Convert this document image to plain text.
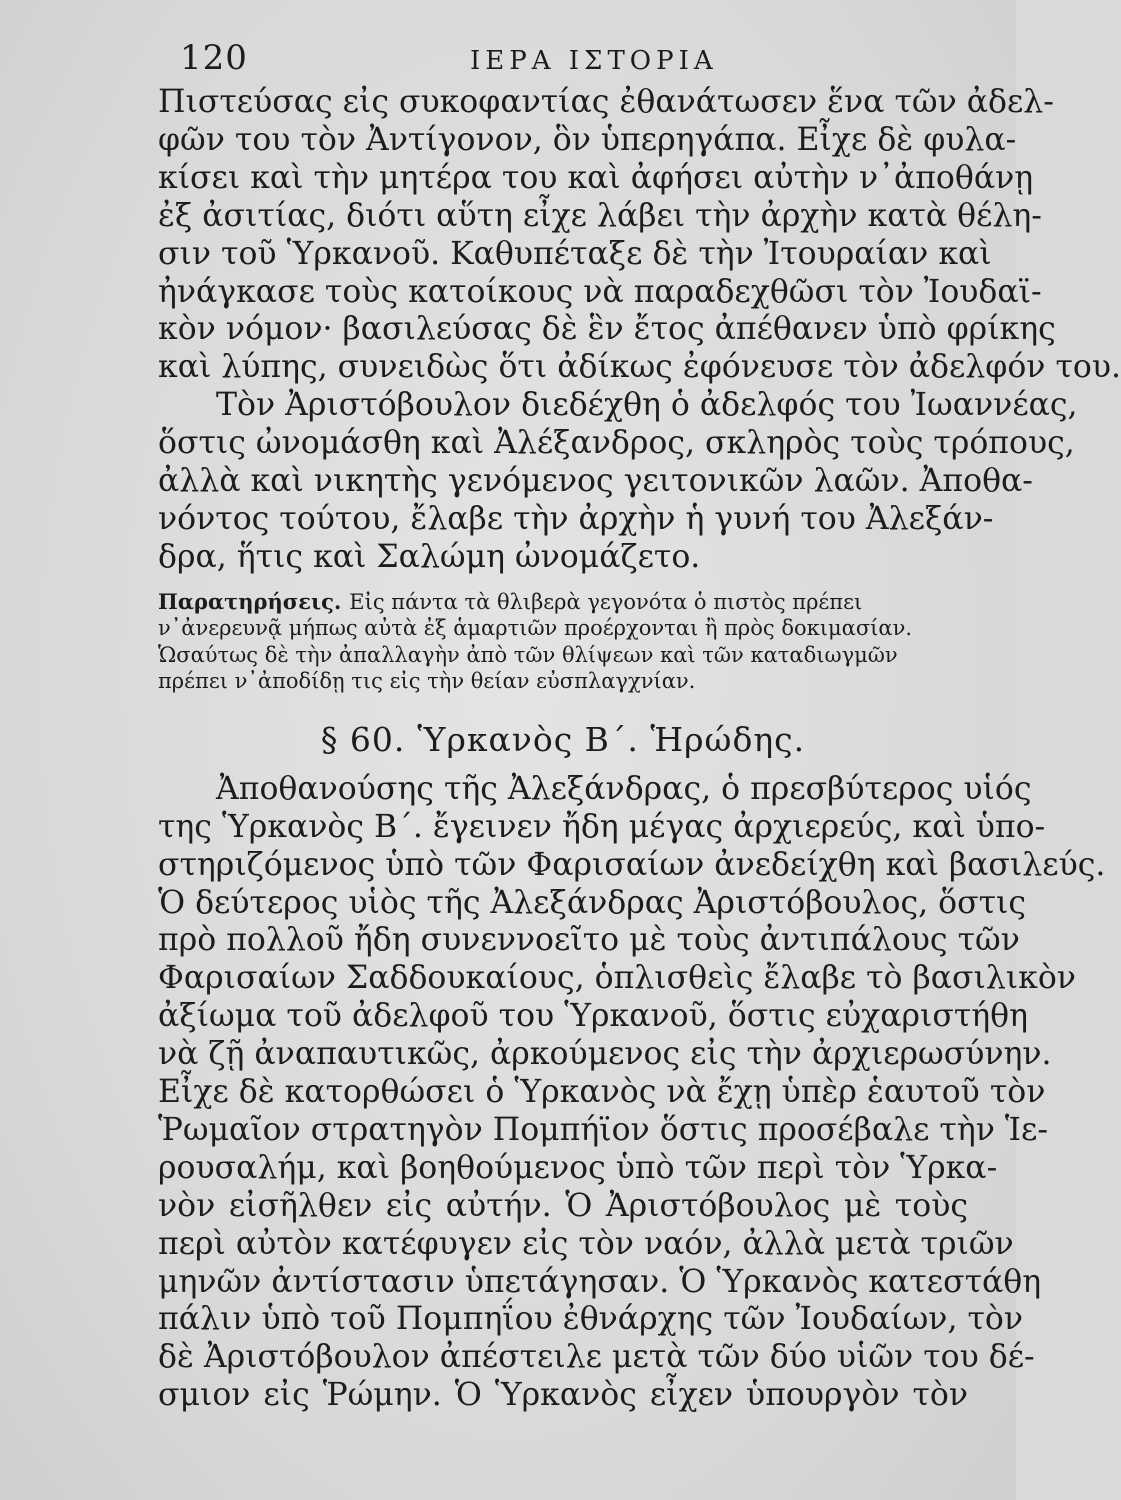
120	ΙΕΡΑ ΙΣΤΟΡΙΑ
Πιστεύσας εἰς συκοφαντίας ἐθανάτωσεν ἕνα τῶν ἀδελ-
φῶν του τὸν Ἀντίγονον, ὃν ὑπερηγάπα. Εἶχε δὲ φυλα-
κίσει καὶ τὴν μητέρα του καὶ ἀφήσει αὐτὴν ν᾽ἀποθάνῃ
ἐξ ἀσιτίας, διότι αὕτη εἶχε λάβει τὴν ἀρχὴν κατὰ θέλη-
σιν τοῦ Ὑρκανοῦ. Καθυπέταξε δὲ τὴν Ἰτουραίαν καὶ
ἠνάγκασε τοὺς κατοίκους νὰ παραδεχθῶσι τὸν Ἰουδαϊ-
κὸν νόμον· βασιλεύσας δὲ ἓν ἔτος ἀπέθανεν ὑπὸ φρίκης
καὶ λύπης, συνειδὼς ὅτι ἀδίκως ἐφόνευσε τὸν ἀδελφόν του.
Τὸν Ἀριστόβουλον διεδέχθη ὁ ἀδελφός του Ἰωαννέας,
ὅστις ὠνομάσθη καὶ Ἀλέξανδρος, σκληρὸς τοὺς τρόπους,
ἀλλὰ καὶ νικητὴς γενόμενος γειτονικῶν λαῶν. Ἀποθα-
νόντος τούτου, ἔλαβε τὴν ἀρχὴν ἡ γυνή του Ἀλεξάν-
δρα, ἥτις καὶ Σαλώμη ὠνομάζετο.
Παρατηρήσεις. Εἰς πάντα τὰ θλιβερὰ γεγονότα ὁ πιστὸς πρέπει
ν᾽ἀνερευνᾷ μήπως αὐτὰ ἐξ ἁμαρτιῶν προέρχονται ἢ πρὸς δοκιμασίαν.
Ὡσαύτως δὲ τὴν ἀπαλλαγὴν ἀπὸ τῶν θλίψεων καὶ τῶν καταδιωγμῶν
πρέπει ν᾽ἀποδίδῃ τις εἰς τὴν θείαν εὐσπλαγχνίαν.
§ 60. Ὑρκανὸς Β΄. Ἡρώδης.
Ἀποθανούσης τῆς Ἀλεξάνδρας, ὁ πρεσβύτερος υἱός
της Ὑρκανὸς Β΄. ἔγεινεν ἤδη μέγας ἀρχιερεύς, καὶ ὑπο-
στηριζόμενος ὑπὸ τῶν Φαρισαίων ἀνεδείχθη καὶ βασιλεύς.
Ὁ δεύτερος υἱὸς τῆς Ἀλεξάνδρας Ἀριστόβουλος, ὅστις
πρὸ πολλοῦ ἤδη συνεννοεῖτο μὲ τοὺς ἀντιπάλους τῶν
Φαρισαίων Σαδδουκαίους, ὁπλισθεὶς ἔλαβε τὸ βασιλικὸν
ἀξίωμα τοῦ ἀδελφοῦ του Ὑρκανοῦ, ὅστις εὐχαριστήθη
νὰ ζῇ ἀναπαυτικῶς, ἀρκούμενος εἰς τὴν ἀρχιερωσύνην.
Εἶχε δὲ κατορθώσει ὁ Ὑρκανὸς νὰ ἔχῃ ὑπὲρ ἑαυτοῦ τὸν
Ῥωμαῖον στρατηγὸν Πομπήϊον ὅστις προσέβαλε τὴν Ἱε-
ρουσαλήμ, καὶ βοηθούμενος ὑπὸ τῶν περὶ τὸν Ὑρκα-
νὸν εἰσῆλθεν εἰς αὐτήν. Ὁ Ἀριστόβουλος μὲ τοὺς
περὶ αὐτὸν κατέφυγεν εἰς τὸν ναόν, ἀλλὰ μετὰ τριῶν
μηνῶν ἀντίστασιν ὑπετάγησαν. Ὁ Ὑρκανὸς κατεστάθη
πάλιν ὑπὸ τοῦ Πομπηΐου ἐθνάρχης τῶν Ἰουδαίων, τὸν
δὲ Ἀριστόβουλον ἀπέστειλε μετὰ τῶν δύο υἱῶν του δέ-
σμιον εἰς Ῥώμην. Ὁ Ὑρκανὸς εἶχεν ὑπουργὸν τὸν
